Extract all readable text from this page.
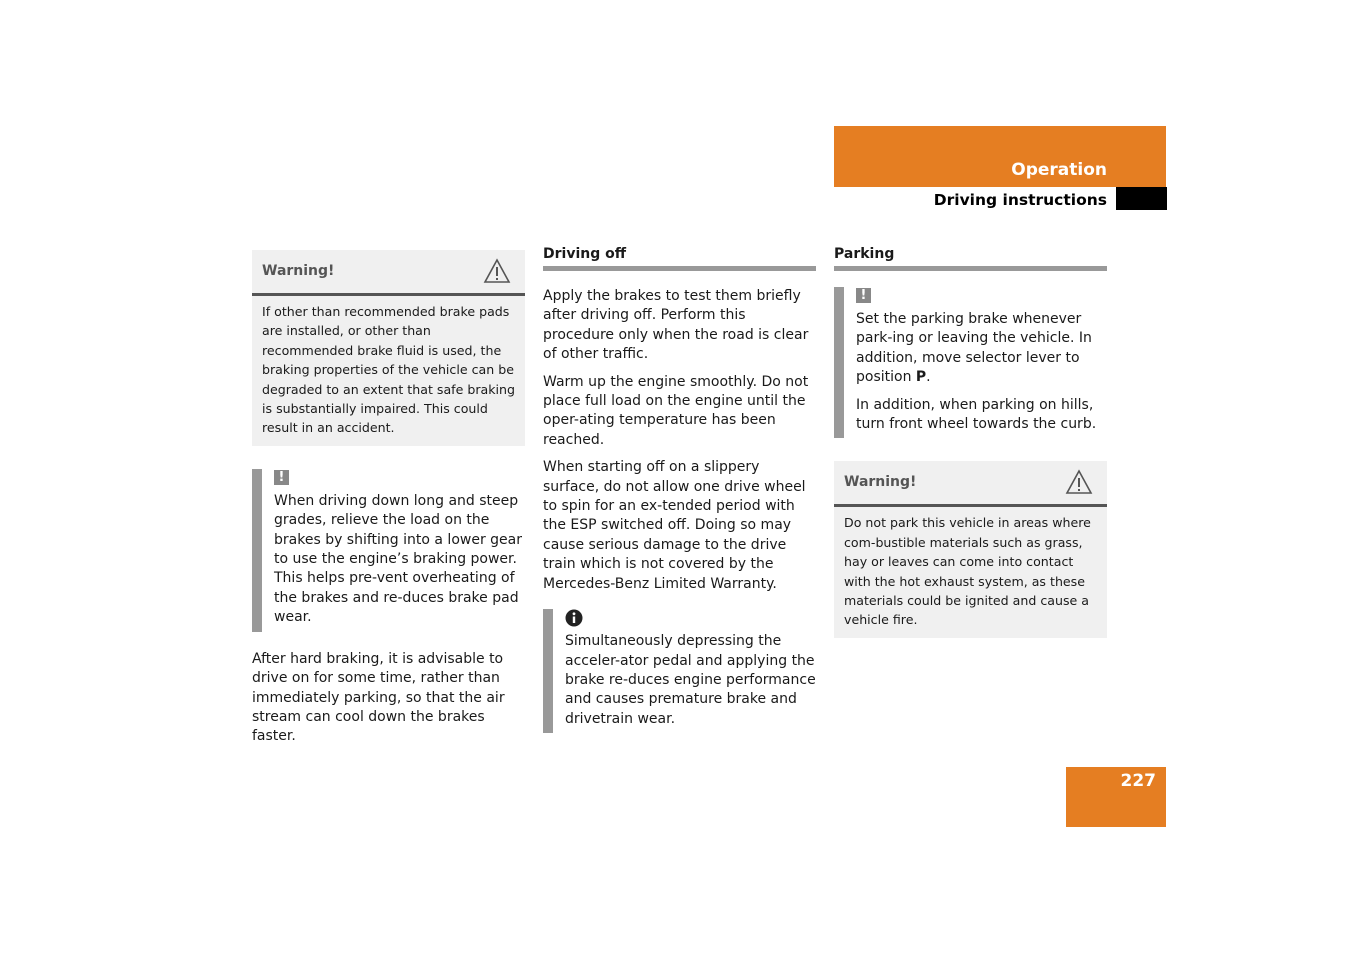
Operation
Driving instructions
Warning!
If other than recommended brake pads are installed, or other than recommended brake fluid is used, the braking properties of the vehicle can be degraded to an extent that safe braking is substantially impaired. This could result in an accident.
!

When driving down long and steep grades, relieve the load on the brakes by shifting into a lower gear to use the engine’s braking power. This helps pre-vent overheating of the brakes and re-duces brake pad wear.

After hard braking, it is advisable to drive on for some time, rather than immediately parking, so that the air stream can cool down the brakes faster.

Driving off

Apply the brakes to test them briefly after driving off. Perform this procedure only when the road is clear of other traffic.

Warm up the engine smoothly. Do not place full load on the engine until the oper-ating temperature has been reached.

When starting off on a slippery surface, do not allow one drive wheel to spin for an ex-tended period with the ESP switched off. Doing so may cause serious damage to the drive train which is not covered by the Mercedes-Benz Limited Warranty.

Simultaneously depressing the acceler-ator pedal and applying the brake re-duces engine performance and causes premature brake and drivetrain wear.

Parking
!

Set the parking brake whenever park-ing or leaving the vehicle. In addition, move selector lever to position P.

In addition, when parking on hills, turn front wheel towards the curb.

Warning!
Do not park this vehicle in areas where com-bustible materials such as grass, hay or leaves can come into contact with the hot exhaust system, as these materials could be ignited and cause a vehicle fire.
227
